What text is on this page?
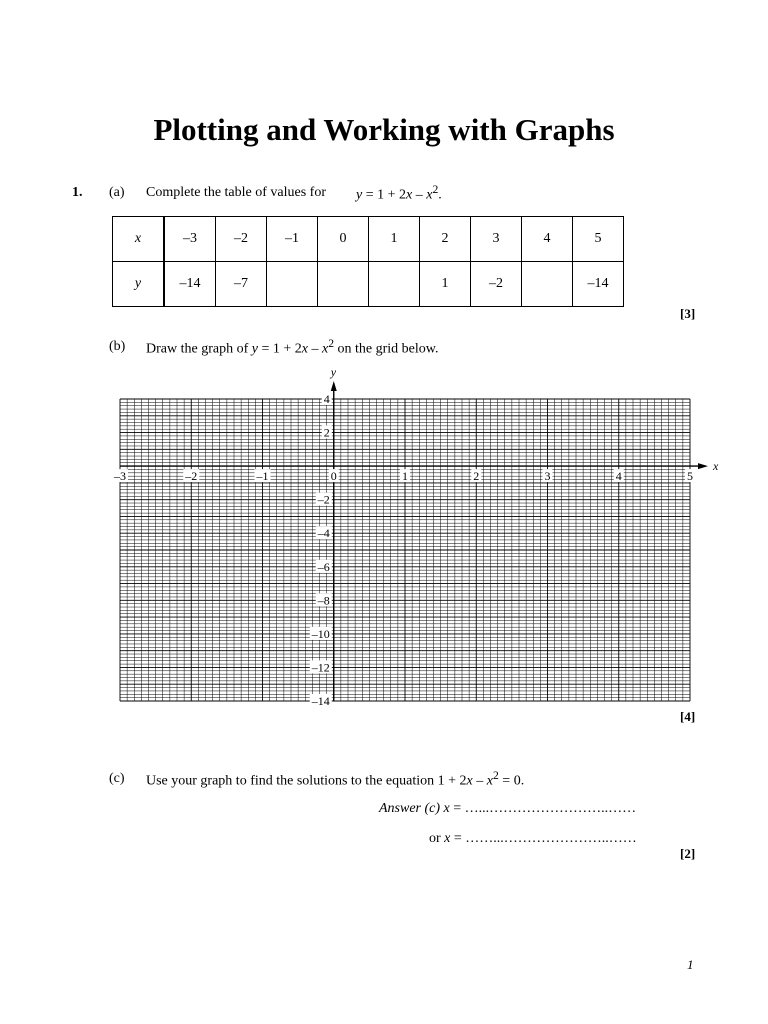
Plotting and Working with Graphs
1. (a) Complete the table of values for $y = 1 + 2x - x^2$.
x	–3	–2	–1	0	1	2	3	4	5
y	–14	–7				1	–2		–14
[3]
(b) Draw the graph of $y = 1 + 2x - x^2$ on the grid below.
x
y
–3	–2	–1	0	1	2	3	4	5
4
2
–2
–4
–6
–8
–10
–12
–14
[4]
(c) Use your graph to find the solutions to the equation $1 + 2x - x^2 = 0$.
Answer (c) x = …...……………………..……
or x = ……...…………………..……
[2]
1
